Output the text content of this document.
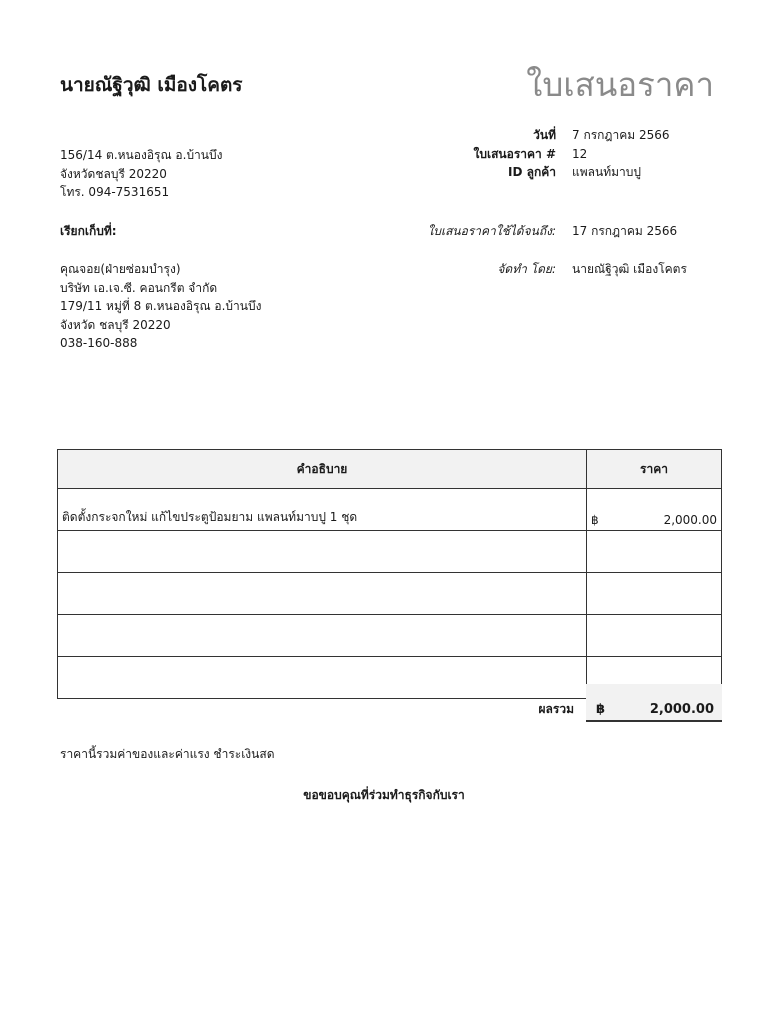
นายณัฐิวุฒิ เมืองโคตร	ใบเสนอราคา
156/14 ต.หนองอิรุณ อ.บ้านบึง
จังหวัดชลบุรี 20220
โทร. 094-7531651
วันที่	7 กรกฎาคม 2566
ใบเสนอราคา #	12
ID ลูกค้า	แพลนท์มาบปู
เรียกเก็บที่:	ใบเสนอราคาใช้ได้จนถึง:	17 กรกฎาคม 2566
คุณจอย(ฝ่ายซ่อมบำรุง)
บริษัท เอ.เจ.ซี. คอนกรีต จำกัด
179/11 หมู่ที่ 8 ต.หนองอิรุณ อ.บ้านบึง
จังหวัด ชลบุรี 20220
038-160-888
จัดทำ โดย:	นายณัฐิวุฒิ เมืองโคตร
คำอธิบาย	ราคา
ติดตั้งกระจกใหม่ แก้ไขประตูป้อมยาม แพลนท์มาบปู 1 ชุด	฿ 2,000.00

ผลรวม ฿	2,000.00
ราคานี้รวมค่าของและค่าแรง ชำระเงินสด
ขอขอบคุณที่ร่วมทำธุรกิจกับเรา
